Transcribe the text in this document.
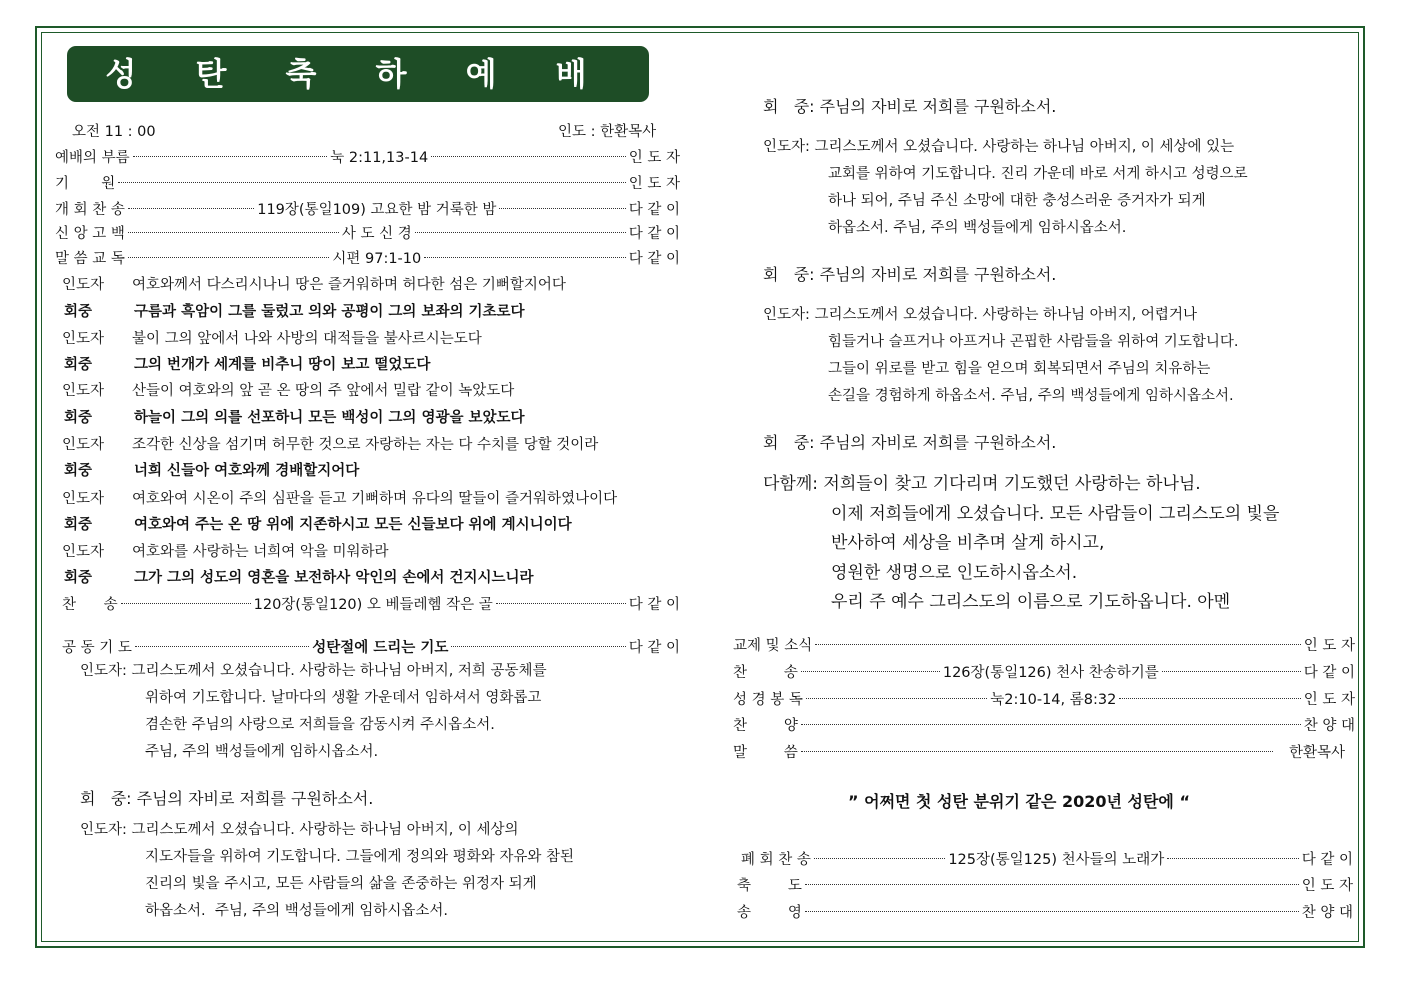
성 탄 축 하 예 배
오전 11 : 00	인도 : 한환목사
예배의 부름	눅 2:11,13-14	인 도 자
기       원	인 도 자
개 회 찬 송	119장(통일109) 고요한 밤 거룩한 밤	다 같 이
신 앙 고 백	사 도 신 경	다 같 이
말 씀 교 독	시편 97:1-10	다 같 이
인도자 여호와께서 다스리시나니 땅은 즐거워하며 허다한 섬은 기뻐할지어다
회중	구름과 흑암이 그를 둘렀고 의와 공평이 그의 보좌의 기초로다
인도자 불이 그의 앞에서 나와 사방의 대적들을 불사르시는도다
회중	그의 번개가 세계를 비추니 땅이 보고 떨었도다
인도자 산들이 여호와의 앞 곧 온 땅의 주 앞에서 밀랍 같이 녹았도다
회중	하늘이 그의 의를 선포하니 모든 백성이 그의 영광을 보았도다
인도자 조각한 신상을 섬기며 허무한 것으로 자랑하는 자는 다 수치를 당할 것이라
회중	너희 신들아 여호와께 경배할지어다
인도자 여호와여 시온이 주의 심판을 듣고 기뻐하며 유다의 딸들이 즐거워하였나이다
회중	여호와여 주는 온 땅 위에 지존하시고 모든 신들보다 위에 계시니이다
인도자 여호와를 사랑하는 너희여 악을 미워하라
회중	그가 그의 성도의 영혼을 보전하사 악인의 손에서 건지시느니라
찬      송	120장(통일120) 오 베들레헴 작은 골	다 같 이
공 동 기 도	성탄절에 드리는 기도	다 같 이
인도자: 그리스도께서 오셨습니다. 사랑하는 하나님 아버지, 저희 공동체를
위하여 기도합니다. 날마다의 생활 가운데서 임하셔서 영화롭고
겸손한 주님의 사랑으로 저희들을 감동시켜 주시옵소서.
주님, 주의 백성들에게 임하시옵소서.
회   중: 주님의 자비로 저희를 구원하소서.
인도자: 그리스도께서 오셨습니다. 사랑하는 하나님 아버지, 이 세상의
지도자들을 위하여 기도합니다. 그들에게 정의와 평화와 자유와 참된
진리의 빛을 주시고, 모든 사람들의 삶을 존중하는 위정자 되게
하옵소서.  주님, 주의 백성들에게 임하시옵소서.
회   중: 주님의 자비로 저희를 구원하소서.
인도자: 그리스도께서 오셨습니다. 사랑하는 하나님 아버지, 이 세상에 있는
교회를 위하여 기도합니다. 진리 가운데 바로 서게 하시고 성령으로
하나 되어, 주님 주신 소망에 대한 충성스러운 증거자가 되게
하옵소서. 주님, 주의 백성들에게 임하시옵소서.
회   중: 주님의 자비로 저희를 구원하소서.
인도자: 그리스도께서 오셨습니다. 사랑하는 하나님 아버지, 어렵거나
힘들거나 슬프거나 아프거나 곤핍한 사람들을 위하여 기도합니다.
그들이 위로를 받고 힘을 얻으며 회복되면서 주님의 치유하는
손길을 경험하게 하옵소서. 주님, 주의 백성들에게 임하시옵소서.
회   중: 주님의 자비로 저희를 구원하소서.
다함께: 저희들이 찾고 기다리며 기도했던 사랑하는 하나님.
이제 저희들에게 오셨습니다. 모든 사람들이 그리스도의 빛을
반사하여 세상을 비추며 살게 하시고,
영원한 생명으로 인도하시옵소서.
우리 주 예수 그리스도의 이름으로 기도하옵니다. 아멘
교제 및 소식	인 도 자
찬        송	126장(통일126) 천사 찬송하기를	다 같 이
성 경 봉 독	눅2:10-14, 롬8:32	인 도 자
찬        양	찬 양 대
말        씀	한환목사
” 어쩌면 첫 성탄 분위기 같은 2020년 성탄에 “
폐 회 찬 송	125장(통일125) 천사들의 노래가	다 같 이
축        도	인 도 자
송        영	찬 양 대
